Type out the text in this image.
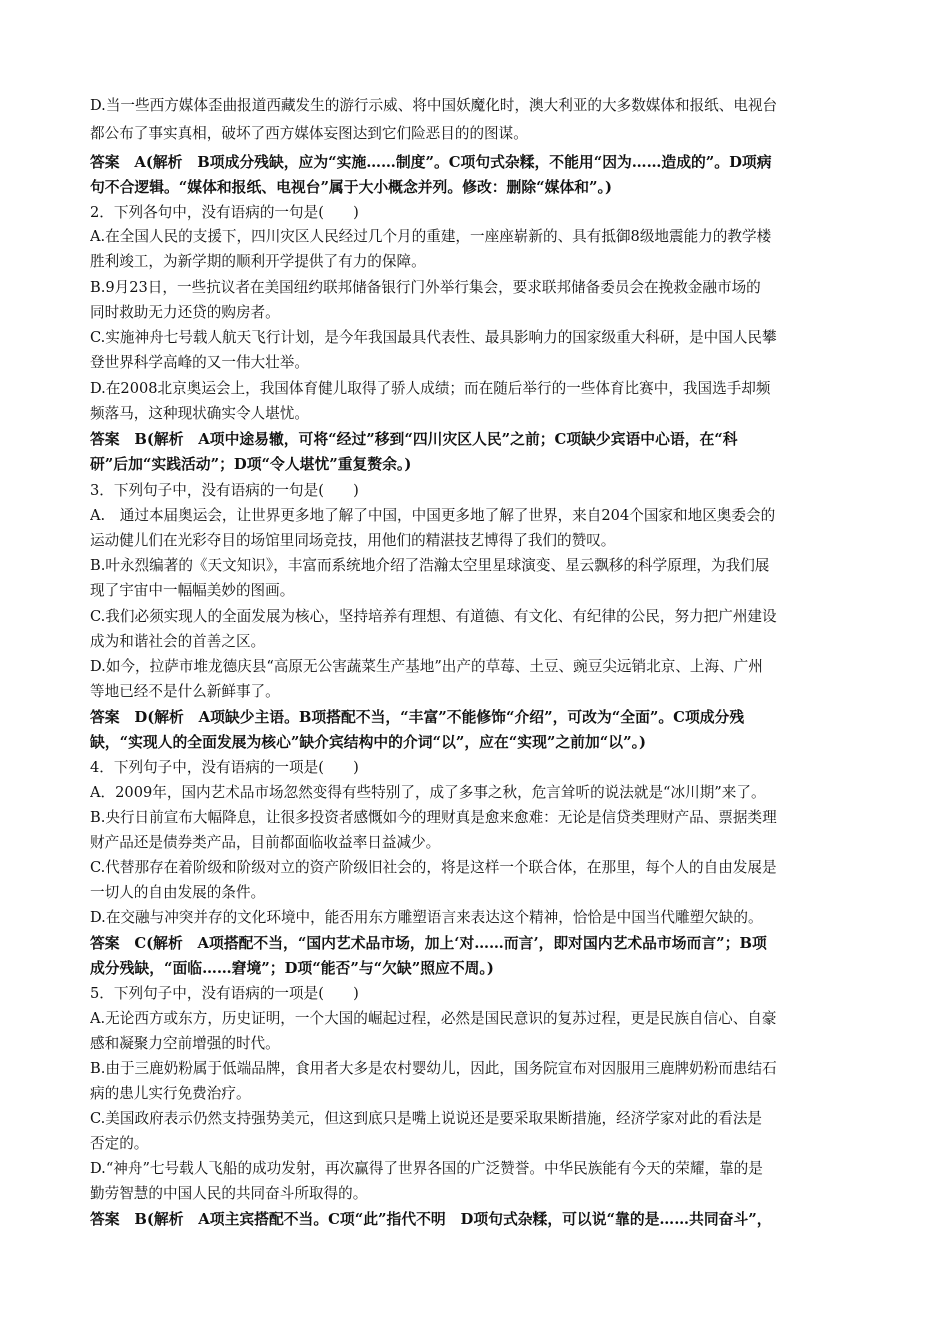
D.当一些西方媒体歪曲报道西藏发生的游行示威、将中国妖魔化时，澳大利亚的大多数媒体和报纸、电视台
都公布了事实真相，破坏了西方媒体妄图达到它们险恶目的的图谋。
答案　A(解析　B项成分残缺，应为“实施……制度”。C项句式杂糅，不能用“因为……造成的”。D项病
句不合逻辑。“媒体和报纸、电视台”属于大小概念并列。修改：删除“媒体和”。)
2．下列各句中，没有语病的一句是(　　)
A.在全国人民的支援下，四川灾区人民经过几个月的重建，一座座崭新的、具有抵御8级地震能力的教学楼
胜利竣工，为新学期的顺利开学提供了有力的保障。
B.9月23日，一些抗议者在美国纽约联邦储备银行门外举行集会，要求联邦储备委员会在挽救金融市场的
同时救助无力还贷的购房者。
C.实施神舟七号载人航天飞行计划，是今年我国最具代表性、最具影响力的国家级重大科研，是中国人民攀
登世界科学高峰的又一伟大壮举。
D.在2008北京奥运会上，我国体育健儿取得了骄人成绩；而在随后举行的一些体育比赛中，我国选手却频
频落马，这种现状确实令人堪忧。
答案　B(解析　A项中途易辙，可将“经过”移到“四川灾区人民”之前；C项缺少宾语中心语，在“科
研”后加“实践活动”；D项“令人堪忧”重复赘余。)
3．下列句子中，没有语病的一句是(　　)
A.　通过本届奥运会，让世界更多地了解了中国，中国更多地了解了世界，来自204个国家和地区奥委会的
运动健儿们在光彩夺目的场馆里同场竞技，用他们的精湛技艺博得了我们的赞叹。
B.叶永烈编著的《天文知识》，丰富而系统地介绍了浩瀚太空里星球演变、星云飘移的科学原理，为我们展
现了宇宙中一幅幅美妙的图画。
C.我们必须实现人的全面发展为核心，坚持培养有理想、有道德、有文化、有纪律的公民，努力把广州建设
成为和谐社会的首善之区。
D.如今，拉萨市堆龙德庆县“高原无公害蔬菜生产基地”出产的草莓、土豆、豌豆尖远销北京、上海、广州
等地已经不是什么新鲜事了。
答案　D(解析　A项缺少主语。B项搭配不当，“丰富”不能修饰“介绍”，可改为“全面”。C项成分残
缺，“实现人的全面发展为核心”缺介宾结构中的介词“以”，应在“实现”之前加“以”。)
4．下列句子中，没有语病的一项是(　　)
A．2009年，国内艺术品市场忽然变得有些特别了，成了多事之秋，危言耸听的说法就是“冰川期”来了。
B.央行日前宣布大幅降息，让很多投资者感慨如今的理财真是愈来愈难：无论是信贷类理财产品、票据类理
财产品还是债券类产品，目前都面临收益率日益减少。
C.代替那存在着阶级和阶级对立的资产阶级旧社会的，将是这样一个联合体，在那里，每个人的自由发展是
一切人的自由发展的条件。
D.在交融与冲突并存的文化环境中，能否用东方雕塑语言来表达这个精神，恰恰是中国当代雕塑欠缺的。
答案　C(解析　A项搭配不当，“国内艺术品市场，加上‘对……而言’，即对国内艺术品市场而言”；B项
成分残缺，“面临……窘境”；D项“能否”与“欠缺”照应不周。)
5．下列句子中，没有语病的一项是(　　)
A.无论西方或东方，历史证明，一个大国的崛起过程，必然是国民意识的复苏过程，更是民族自信心、自豪
感和凝聚力空前增强的时代。
B.由于三鹿奶粉属于低端品牌，食用者大多是农村婴幼儿，因此，国务院宣布对因服用三鹿牌奶粉而患结石
病的患儿实行免费治疗。
C.美国政府表示仍然支持强势美元，但这到底只是嘴上说说还是要采取果断措施，经济学家对此的看法是
否定的。
D.“神舟”七号载人飞船的成功发射，再次赢得了世界各国的广泛赞誉。中华民族能有今天的荣耀，靠的是
勤劳智慧的中国人民的共同奋斗所取得的。
答案　B(解析　A项主宾搭配不当。C项“此”指代不明　D项句式杂糅，可以说“靠的是……共同奋斗”，
